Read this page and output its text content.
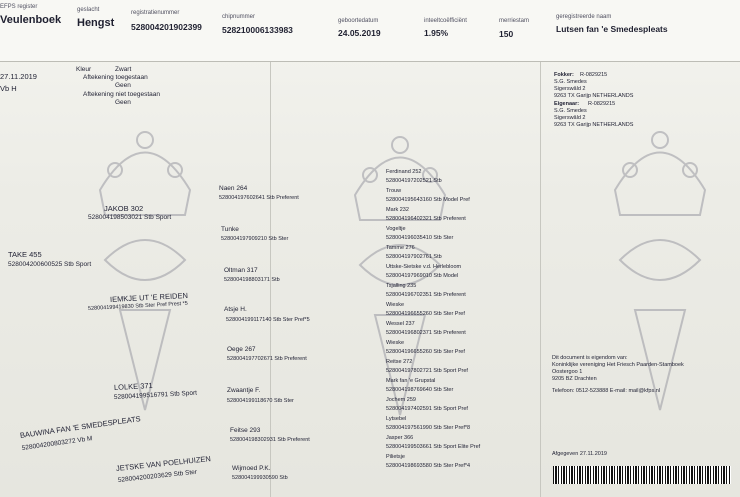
EFPS register
Veulenboek
geslacht
Hengst
registratienummer
528004201902399
chipnummer
528210006133983
geboortedatum
24.05.2019
inteeltcoëfficiënt
1.95%
merriestam
150
geregistreerde naam
Lutsen fan 'e Smedespleats
27.11.2019
Vb H
Kleur	Zwart
Aftekening toegestaan
Geen
Aftekening niet toegestaan
Geen
TAKE 455
528004200600525 Stb Sport
BAUWINA FAN 'E SMEDESPLEATS
528004200803272 Vb M
JAKOB 302
528004198503021 Stb Sport
IEMKJE UT 'E REIDEN
528004199419830 Stb Ster Pref Prest *5
LOLKE 371
528004199516791 Stb Sport
JETSKE VAN POELHUIZEN
528004200203629 Stb Ster
Naen 264
528004197602641 Stb Preferent
Tunke
528004197909210 Stb Ster
Oltman 317
528004198803171 Stb
Atsje H.
528004199117140 Stb Ster Pref*5
Oege 267
528004197702671 Stb Preferent
Zwaantje F.
528004199118670 Stb Ster
Feitse 293
528004198302931 Stb Preferent
Wijmoed P.K.
528004199930590 Stb
Ferdinand 252
528004197202521 Stb
Trouw
528004195643160 Stb Model Pref
Mark 232
528004196402321 Stb Preferent
Vogeltje
528004196035410 Stb Ster
Tamme 276
528004197902761 Stb
Uttske-Sietske v.d. Herlebloom
528004197969010 Stb Model
Tsjalling 235
528004196702351 Stb Preferent
Wieske
528004196655260 Stb Ster Pref
Wessel 237
528004196802371 Stb Preferent
Wieske
528004196655260 Stb Ster Pref
Reitse 272
528004197802721 Stb Sport Pref
Mark fan 'e Grupstal
528004198769640 Stb Ster
Jochem 259
528004197402591 Stb Sport Pref
Lytsebel
528004197561990 Stb Ster Pref*8
Jasper 366
528004199503661 Stb Sport Elite Pref
Pilietsje
528004198693580 Stb Ster Pref*4
Fokker: R-0829215
S.G. Smedes
Sigerswâld 2
9263 TX Garijp NETHERLANDS
Eigenaar: R-0829215
S.G. Smedes
Sigerswâld 2
9263 TX Garijp NETHERLANDS
Dit document is eigendom van:
Koninklijke vereniging Het Friesch Paarden-Stamboek
Oostergoo 1
9205 BZ Drachten
Telefoon: 0512-523888 E-mail: mail@kfps.nl
Afgegeven 27.11.2019
